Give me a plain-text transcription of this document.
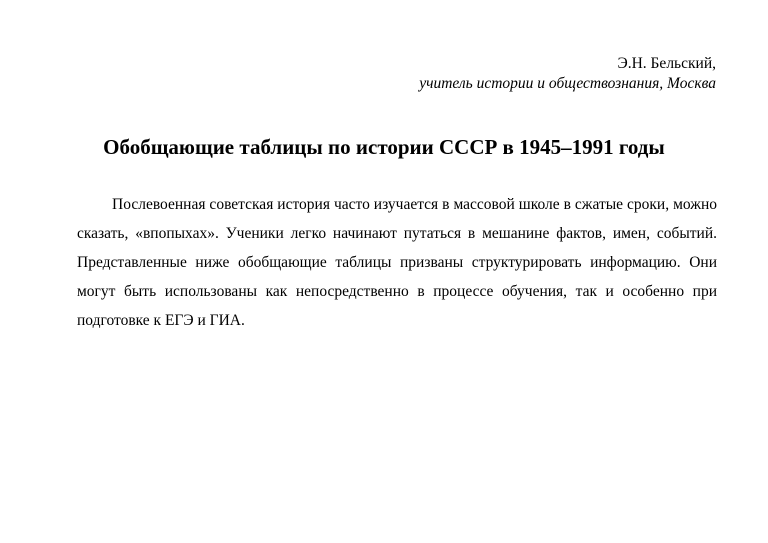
Э.Н. Бельский,
учитель истории и обществознания, Москва
Обобщающие таблицы по истории СССР в 1945–1991 годы

Послевоенная советская история часто изучается в массовой школе в сжатые сроки, можно сказать, «впопыхах». Ученики легко начинают путаться в мешанине фактов, имен, событий. Представленные ниже обобщающие таблицы призваны структурировать информацию. Они могут быть использованы как непосредственно в процессе обучения, так и особенно при подготовке к ЕГЭ и ГИА.
